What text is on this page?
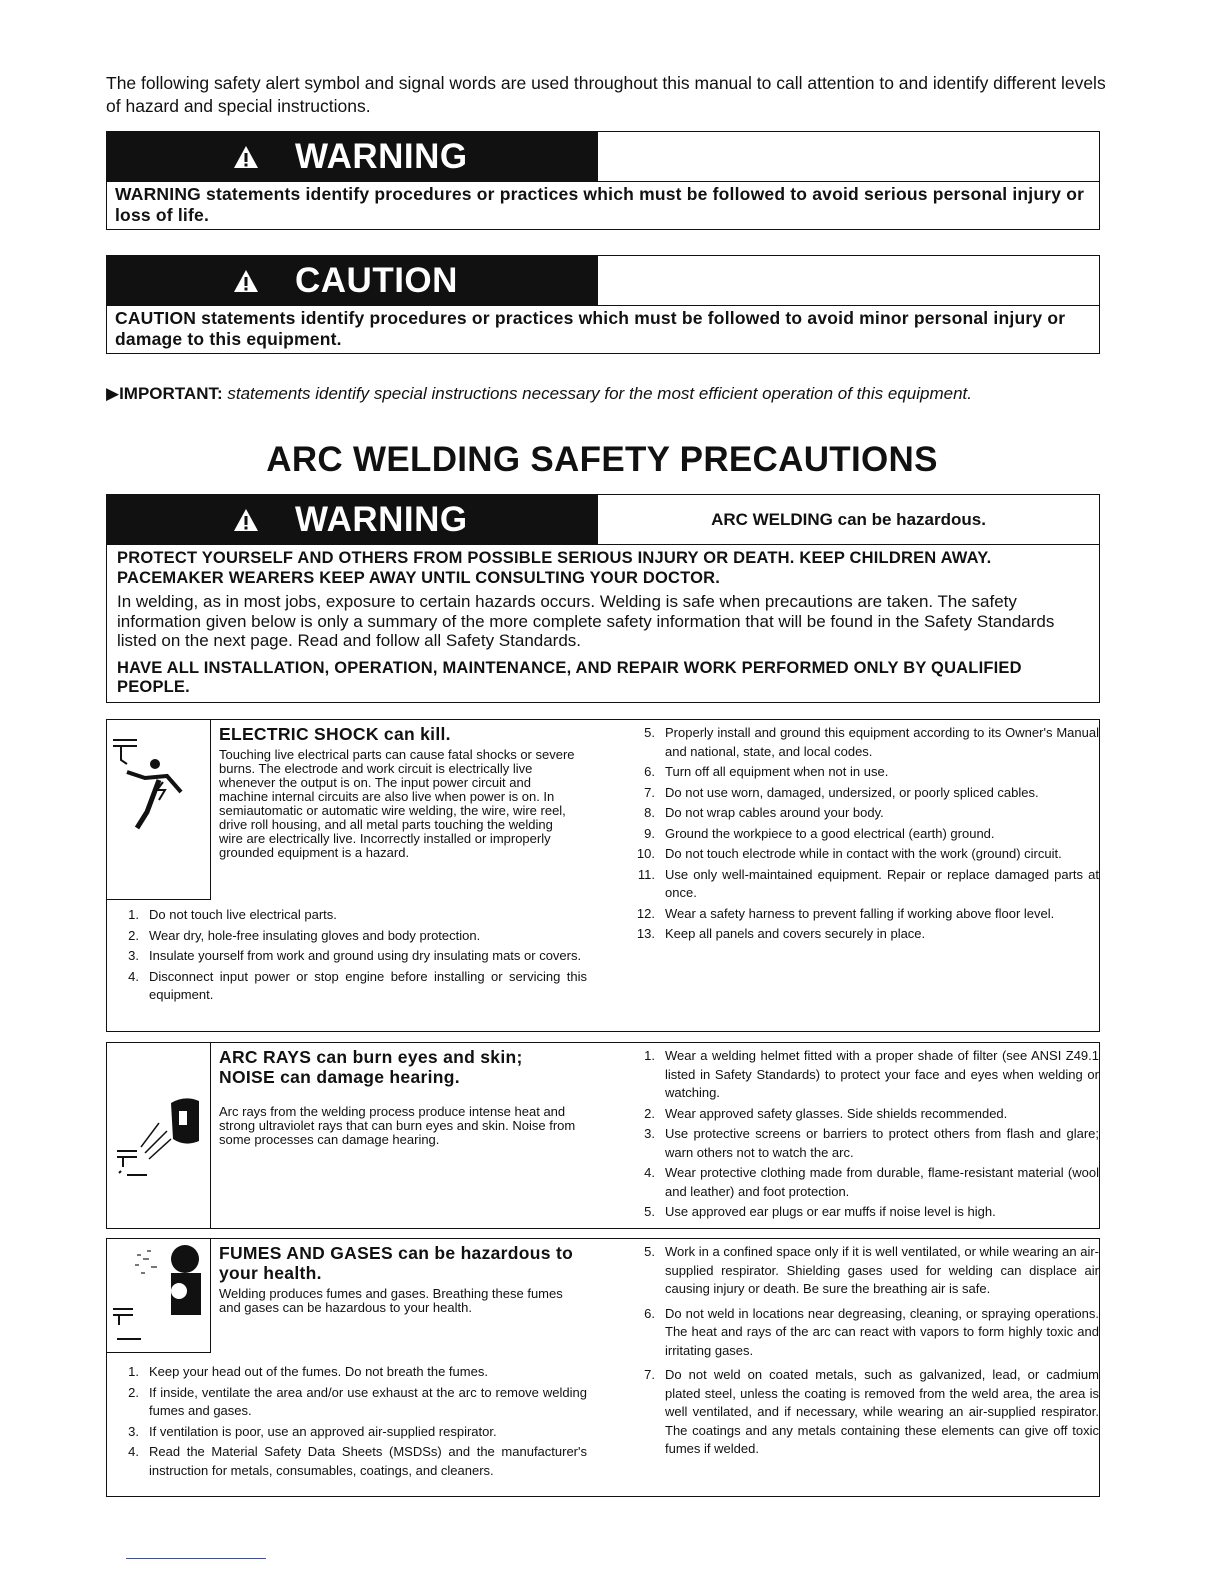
The following safety alert symbol and signal words are used throughout this manual to call attention to and identify different levels of hazard and special instructions.

WARNING

WARNING statements identify procedures or practices which must be followed to avoid serious personal injury or loss of life.

CAUTION

CAUTION statements identify procedures or practices which must be followed to avoid minor personal injury or damage to this equipment.

▶IMPORTANT: statements identify special instructions necessary for the most efficient operation of this equipment.

ARC WELDING SAFETY PRECAUTIONS
WARNING	ARC WELDING can be hazardous.

PROTECT YOURSELF AND OTHERS FROM POSSIBLE SERIOUS INJURY OR DEATH. KEEP CHILDREN AWAY. PACEMAKER WEARERS KEEP AWAY UNTIL CONSULTING YOUR DOCTOR.

In welding, as in most jobs, exposure to certain hazards occurs. Welding is safe when precautions are taken. The safety information given below is only a summary of the more complete safety information that will be found in the Safety Standards listed on the next page. Read and follow all Safety Standards.

HAVE ALL INSTALLATION, OPERATION, MAINTENANCE, AND REPAIR WORK PERFORMED ONLY BY QUALIFIED PEOPLE.

ELECTRIC SHOCK can kill.

Touching live electrical parts can cause fatal shocks or severe burns. The electrode and work circuit is electrically live whenever the output is on. The input power circuit and machine internal circuits are also live when power is on. In semiautomatic or automatic wire welding, the wire, wire reel, drive roll housing, and all metal parts touching the welding wire are electrically live. Incorrectly installed or improperly grounded equipment is a hazard.

1. Do not touch live electrical parts.
2. Wear dry, hole-free insulating gloves and body protection.
3. Insulate yourself from work and ground using dry insulating mats or covers.
4. Disconnect input power or stop engine before installing or servicing this equipment.
5. Properly install and ground this equipment according to its Owner's Manual and national, state, and local codes.
6. Turn off all equipment when not in use.
7. Do not use worn, damaged, undersized, or poorly spliced cables.
8. Do not wrap cables around your body.
9. Ground the workpiece to a good electrical (earth) ground.
10. Do not touch electrode while in contact with the work (ground) circuit.
11. Use only well-maintained equipment. Repair or replace damaged parts at once.
12. Wear a safety harness to prevent falling if working above floor level.
13. Keep all panels and covers securely in place.

ARC RAYS can burn eyes and skin; NOISE can damage hearing.

Arc rays from the welding process produce intense heat and strong ultraviolet rays that can burn eyes and skin. Noise from some processes can damage hearing.

1. Wear a welding helmet fitted with a proper shade of filter (see ANSI Z49.1 listed in Safety Standards) to protect your face and eyes when welding or watching.
2. Wear approved safety glasses. Side shields recommended.
3. Use protective screens or barriers to protect others from flash and glare; warn others not to watch the arc.
4. Wear protective clothing made from durable, flame-resistant material (wool and leather) and foot protection.
5. Use approved ear plugs or ear muffs if noise level is high.

FUMES AND GASES can be hazardous to your health.

Welding produces fumes and gases. Breathing these fumes and gases can be hazardous to your health.

1. Keep your head out of the fumes. Do not breath the fumes.
2. If inside, ventilate the area and/or use exhaust at the arc to remove welding fumes and gases.
3. If ventilation is poor, use an approved air-supplied respirator.
4. Read the Material Safety Data Sheets (MSDSs) and the manufacturer's instruction for metals, consumables, coatings, and cleaners.
5. Work in a confined space only if it is well ventilated, or while wearing an air-supplied respirator. Shielding gases used for welding can displace air causing injury or death. Be sure the breathing air is safe.
6. Do not weld in locations near degreasing, cleaning, or spraying operations. The heat and rays of the arc can react with vapors to form highly toxic and irritating gases.
7. Do not weld on coated metals, such as galvanized, lead, or cadmium plated steel, unless the coating is removed from the weld area, the area is well ventilated, and if necessary, while wearing an air-supplied respirator. The coatings and any metals containing these elements can give off toxic fumes if welded.
